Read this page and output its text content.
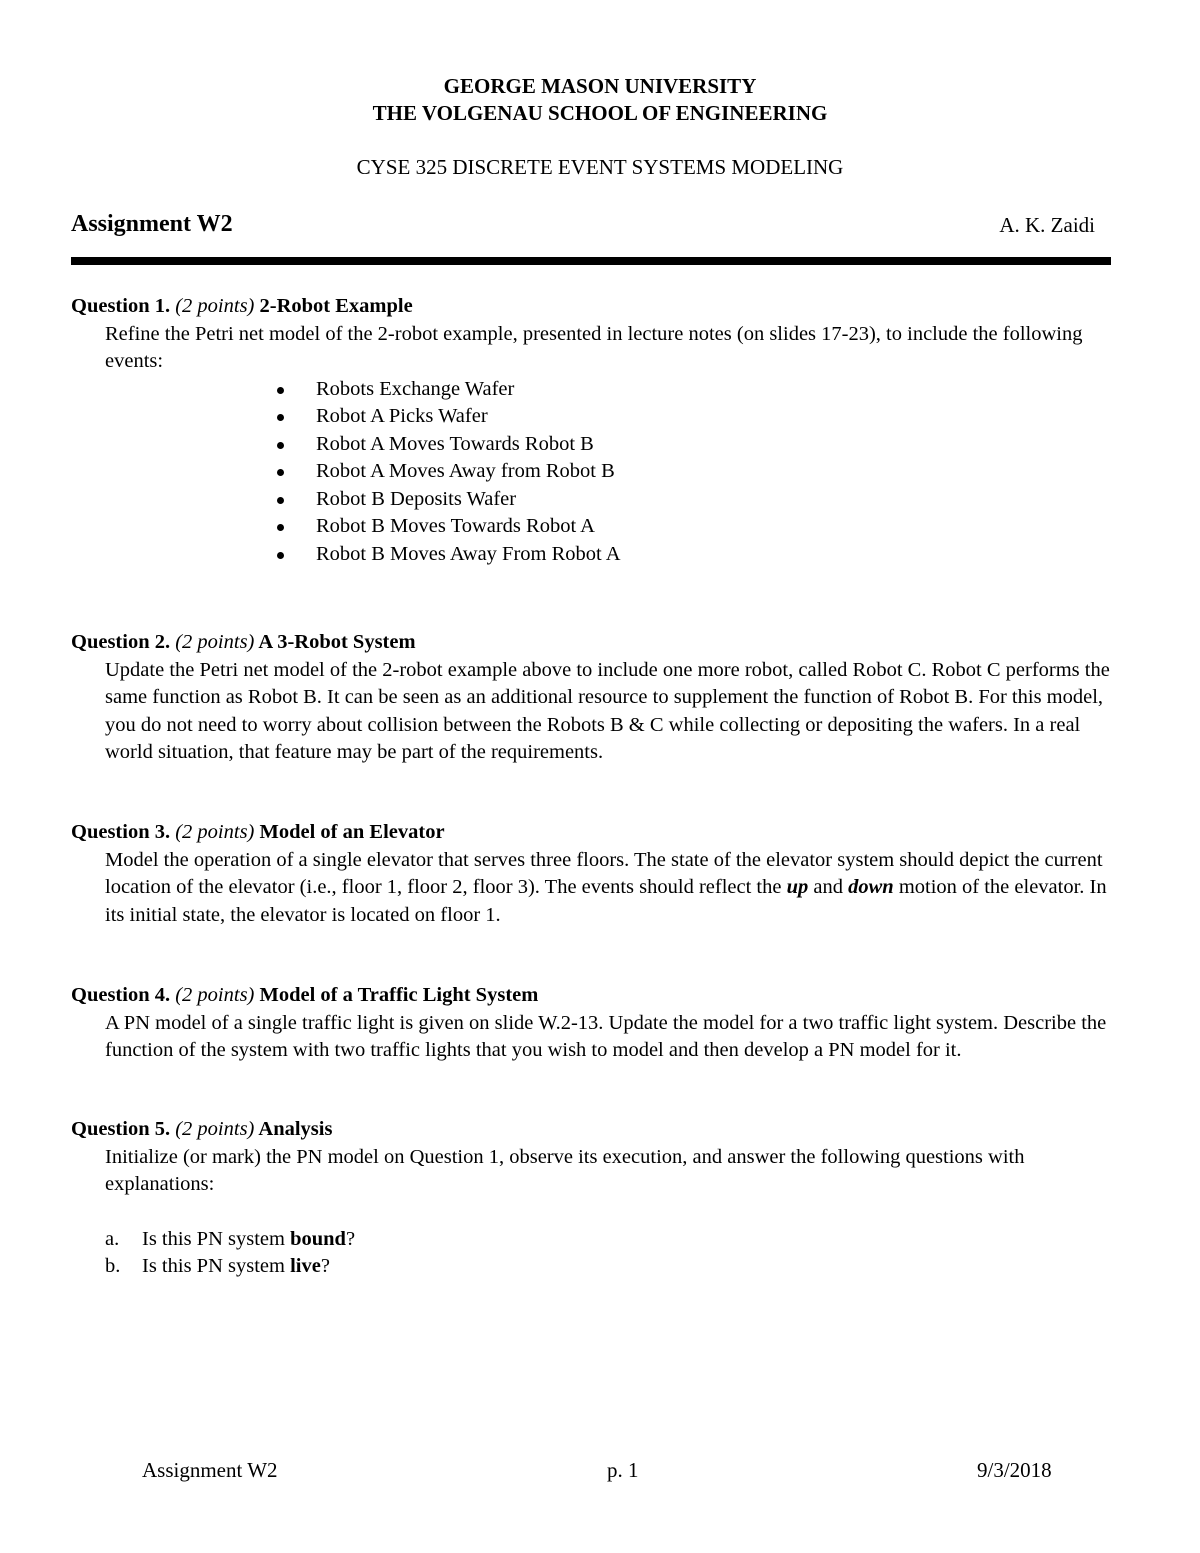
GEORGE MASON UNIVERSITY
THE VOLGENAU SCHOOL OF ENGINEERING
CYSE 325 DISCRETE EVENT SYSTEMS MODELING
Assignment W2	A. K. Zaidi
Question 1. (2 points) 2-Robot Example

Refine the Petri net model of the 2-robot example, presented in lecture notes (on slides 17-23), to include the following events:

Robots Exchange Wafer
Robot A Picks Wafer
Robot A Moves Towards Robot B
Robot A Moves Away from Robot B
Robot B Deposits Wafer
Robot B Moves Towards Robot A
Robot B Moves Away From Robot A
Question 2. (2 points) A 3-Robot System

Update the Petri net model of the 2-robot example above to include one more robot, called Robot C. Robot C performs the same function as Robot B. It can be seen as an additional resource to supplement the function of Robot B. For this model, you do not need to worry about collision between the Robots B & C while collecting or depositing the wafers. In a real world situation, that feature may be part of the requirements.

Question 3. (2 points) Model of an Elevator

Model the operation of a single elevator that serves three floors. The state of the elevator system should depict the current location of the elevator (i.e., floor 1, floor 2, floor 3). The events should reflect the up and down motion of the elevator. In its initial state, the elevator is located on floor 1.

Question 4. (2 points) Model of a Traffic Light System

A PN model of a single traffic light is given on slide W.2-13. Update the model for a two traffic light system. Describe the function of the system with two traffic lights that you wish to model and then develop a PN model for it.

Question 5. (2 points) Analysis

Initialize (or mark) the PN model on Question 1, observe its execution, and answer the following questions with explanations:

a. Is this PN system bound?
b. Is this PN system live?
Assignment W2	p. 1	9/3/2018
